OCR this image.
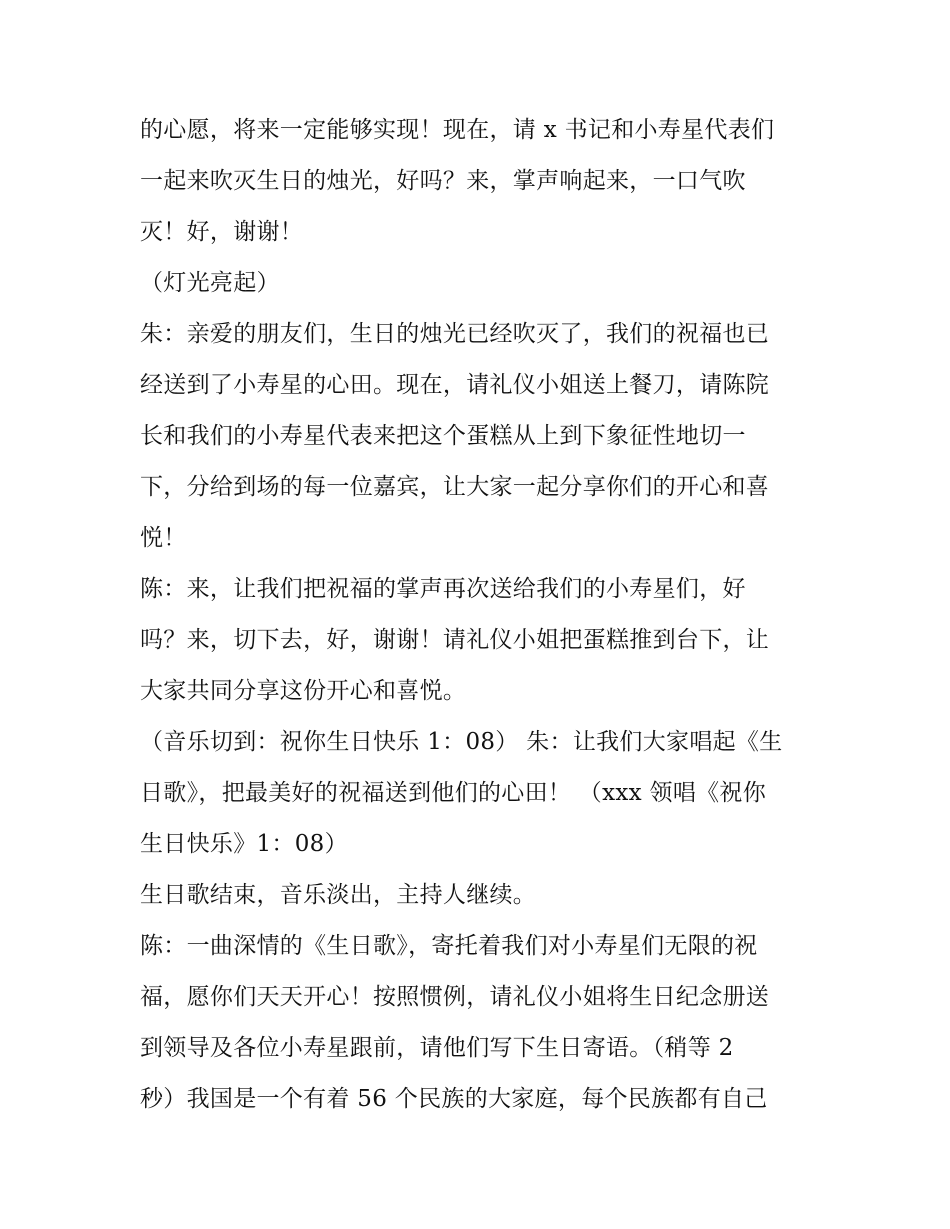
的心愿，将来一定能够实现！现在，请 x 书记和小寿星代表们
一起来吹灭生日的烛光，好吗？来，掌声响起来，一口气吹
灭！好，谢谢！
（灯光亮起）
朱：亲爱的朋友们，生日的烛光已经吹灭了，我们的祝福也已
经送到了小寿星的心田。现在，请礼仪小姐送上餐刀，请陈院
长和我们的小寿星代表来把这个蛋糕从上到下象征性地切一
下，分给到场的每一位嘉宾，让大家一起分享你们的开心和喜
悦！
陈：来，让我们把祝福的掌声再次送给我们的小寿星们，好
吗？来，切下去，好，谢谢！请礼仪小姐把蛋糕推到台下，让
大家共同分享这份开心和喜悦。
（音乐切到：祝你生日快乐 1：08） 朱：让我们大家唱起《生
日歌》，把最美好的祝福送到他们的心田！ （xxx 领唱《祝你
生日快乐》1：08）
生日歌结束，音乐淡出，主持人继续。
陈：一曲深情的《生日歌》，寄托着我们对小寿星们无限的祝
福，愿你们天天开心！按照惯例，请礼仪小姐将生日纪念册送
到领导及各位小寿星跟前，请他们写下生日寄语。（稍等 2
秒）我国是一个有着 56 个民族的大家庭，每个民族都有自己
